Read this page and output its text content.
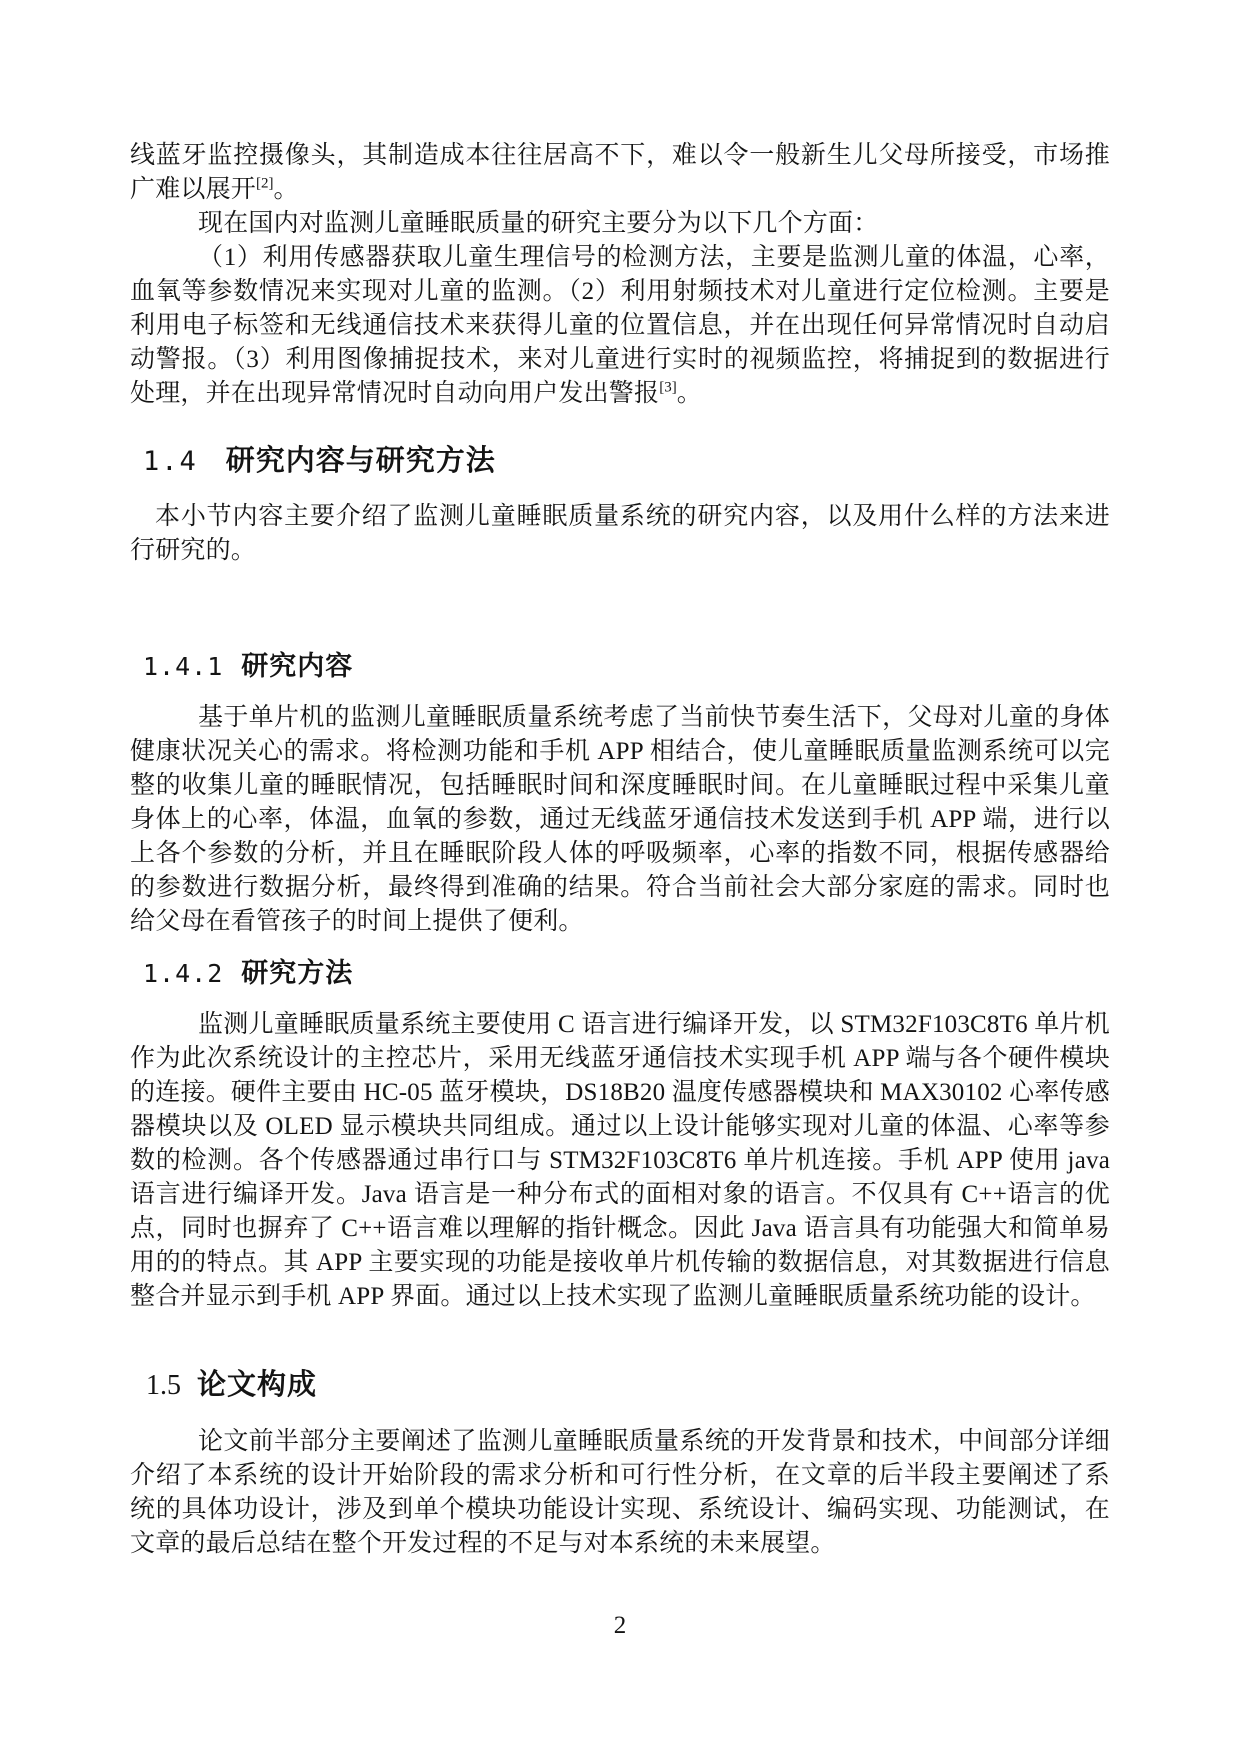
线蓝牙监控摄像头，其制造成本往往居高不下，难以令一般新生儿父母所接受，市场推广难以展开[2]。

现在国内对监测儿童睡眠质量的研究主要分为以下几个方面：

（1）利用传感器获取儿童生理信号的检测方法，主要是监测儿童的体温，心率，血氧等参数情况来实现对儿童的监测。（2）利用射频技术对儿童进行定位检测。主要是利用电子标签和无线通信技术来获得儿童的位置信息，并在出现任何异常情况时自动启动警报。（3）利用图像捕捉技术，来对儿童进行实时的视频监控，将捕捉到的数据进行处理，并在出现异常情况时自动向用户发出警报[3]。

1.4 研究内容与研究方法

本小节内容主要介绍了监测儿童睡眠质量系统的研究内容，以及用什么样的方法来进行研究的。

1.4.1 研究内容

基于单片机的监测儿童睡眠质量系统考虑了当前快节奏生活下，父母对儿童的身体健康状况关心的需求。将检测功能和手机 APP 相结合，使儿童睡眠质量监测系统可以完整的收集儿童的睡眠情况，包括睡眠时间和深度睡眠时间。在儿童睡眠过程中采集儿童身体上的心率，体温，血氧的参数，通过无线蓝牙通信技术发送到手机 APP 端，进行以上各个参数的分析，并且在睡眠阶段人体的呼吸频率，心率的指数不同，根据传感器给的参数进行数据分析，最终得到准确的结果。符合当前社会大部分家庭的需求。同时也给父母在看管孩子的时间上提供了便利。

1.4.2 研究方法

监测儿童睡眠质量系统主要使用 C 语言进行编译开发，以 STM32F103C8T6 单片机作为此次系统设计的主控芯片，采用无线蓝牙通信技术实现手机 APP 端与各个硬件模块的连接。硬件主要由 HC-05 蓝牙模块，DS18B20 温度传感器模块和 MAX30102 心率传感器模块以及 OLED 显示模块共同组成。通过以上设计能够实现对儿童的体温、心率等参数的检测。各个传感器通过串行口与 STM32F103C8T6 单片机连接。手机 APP 使用 java 语言进行编译开发。Java 语言是一种分布式的面相对象的语言。不仅具有 C++语言的优点，同时也摒弃了 C++语言难以理解的指针概念。因此 Java 语言具有功能强大和简单易用的的特点。其 APP 主要实现的功能是接收单片机传输的数据信息，对其数据进行信息整合并显示到手机 APP 界面。通过以上技术实现了监测儿童睡眠质量系统功能的设计。

1.5 论文构成

论文前半部分主要阐述了监测儿童睡眠质量系统的开发背景和技术，中间部分详细介绍了本系统的设计开始阶段的需求分析和可行性分析，在文章的后半段主要阐述了系统的具体功设计，涉及到单个模块功能设计实现、系统设计、编码实现、功能测试，在文章的最后总结在整个开发过程的不足与对本系统的未来展望。

2
